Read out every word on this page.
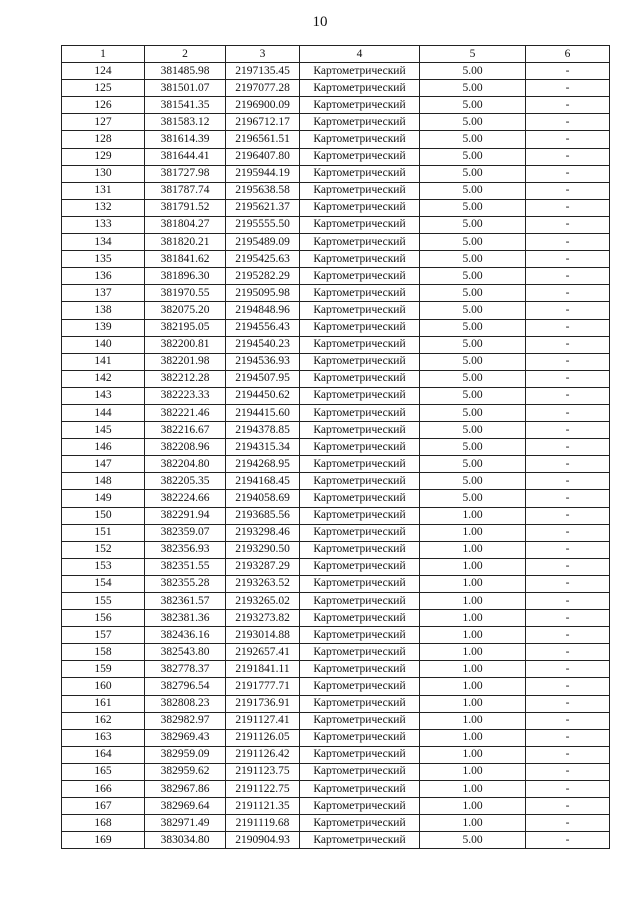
10
1	2	3	4	5	6
124	381485.98	2197135.45	Картометрический	5.00	-
125	381501.07	2197077.28	Картометрический	5.00	-
126	381541.35	2196900.09	Картометрический	5.00	-
127	381583.12	2196712.17	Картометрический	5.00	-
128	381614.39	2196561.51	Картометрический	5.00	-
129	381644.41	2196407.80	Картометрический	5.00	-
130	381727.98	2195944.19	Картометрический	5.00	-
131	381787.74	2195638.58	Картометрический	5.00	-
132	381791.52	2195621.37	Картометрический	5.00	-
133	381804.27	2195555.50	Картометрический	5.00	-
134	381820.21	2195489.09	Картометрический	5.00	-
135	381841.62	2195425.63	Картометрический	5.00	-
136	381896.30	2195282.29	Картометрический	5.00	-
137	381970.55	2195095.98	Картометрический	5.00	-
138	382075.20	2194848.96	Картометрический	5.00	-
139	382195.05	2194556.43	Картометрический	5.00	-
140	382200.81	2194540.23	Картометрический	5.00	-
141	382201.98	2194536.93	Картометрический	5.00	-
142	382212.28	2194507.95	Картометрический	5.00	-
143	382223.33	2194450.62	Картометрический	5.00	-
144	382221.46	2194415.60	Картометрический	5.00	-
145	382216.67	2194378.85	Картометрический	5.00	-
146	382208.96	2194315.34	Картометрический	5.00	-
147	382204.80	2194268.95	Картометрический	5.00	-
148	382205.35	2194168.45	Картометрический	5.00	-
149	382224.66	2194058.69	Картометрический	5.00	-
150	382291.94	2193685.56	Картометрический	1.00	-
151	382359.07	2193298.46	Картометрический	1.00	-
152	382356.93	2193290.50	Картометрический	1.00	-
153	382351.55	2193287.29	Картометрический	1.00	-
154	382355.28	2193263.52	Картометрический	1.00	-
155	382361.57	2193265.02	Картометрический	1.00	-
156	382381.36	2193273.82	Картометрический	1.00	-
157	382436.16	2193014.88	Картометрический	1.00	-
158	382543.80	2192657.41	Картометрический	1.00	-
159	382778.37	2191841.11	Картометрический	1.00	-
160	382796.54	2191777.71	Картометрический	1.00	-
161	382808.23	2191736.91	Картометрический	1.00	-
162	382982.97	2191127.41	Картометрический	1.00	-
163	382969.43	2191126.05	Картометрический	1.00	-
164	382959.09	2191126.42	Картометрический	1.00	-
165	382959.62	2191123.75	Картометрический	1.00	-
166	382967.86	2191122.75	Картометрический	1.00	-
167	382969.64	2191121.35	Картометрический	1.00	-
168	382971.49	2191119.68	Картометрический	1.00	-
169	383034.80	2190904.93	Картометрический	5.00	-
